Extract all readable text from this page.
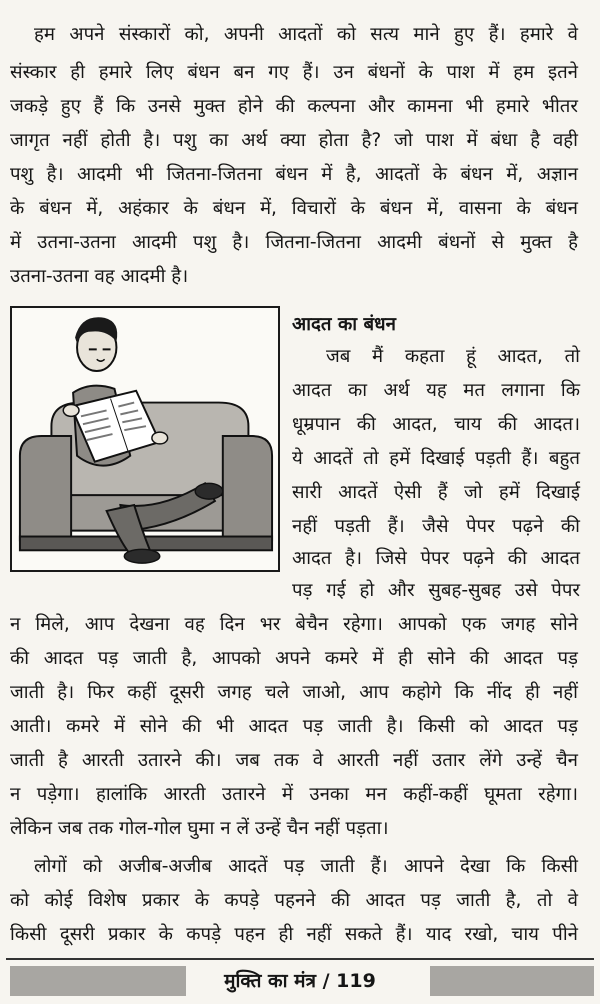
हम अपने संस्कारों को, अपनी आदतों को सत्य माने हुए हैं। हमारे वे
संस्कार ही हमारे लिए बंधन बन गए हैं। उन बंधनों के पाश में हम इतने
जकड़े हुए हैं कि उनसे मुक्त होने की कल्पना और कामना भी हमारे भीतर
जागृत नहीं होती है। पशु का अर्थ क्या होता है? जो पाश में बंधा है वही
पशु है। आदमी भी जितना-जितना बंधन में है, आदतों के बंधन में, अज्ञान
के बंधन में, अहंकार के बंधन में, विचारों के बंधन में, वासना के बंधन
में उतना-उतना आदमी पशु है। जितना-जितना आदमी बंधनों से मुक्त है
उतना-उतना वह आदमी है।
आदत का बंधन
जब मैं कहता हूं आदत, तो
आदत का अर्थ यह मत लगाना कि
धूम्रपान की आदत, चाय की आदत।
ये आदतें तो हमें दिखाई पड़ती हैं। बहुत
सारी आदतें ऐसी हैं जो हमें दिखाई
नहीं पड़ती हैं। जैसे पेपर पढ़ने की
आदत है। जिसे पेपर पढ़ने की आदत
पड़ गई हो और सुबह-सुबह उसे पेपर
न मिले, आप देखना वह दिन भर बेचैन रहेगा। आपको एक जगह सोने
की आदत पड़ जाती है, आपको अपने कमरे में ही सोने की आदत पड़
जाती है। फिर कहीं दूसरी जगह चले जाओ, आप कहोगे कि नींद ही नहीं
आती। कमरे में सोने की भी आदत पड़ जाती है। किसी को आदत पड़
जाती है आरती उतारने की। जब तक वे आरती नहीं उतार लेंगे उन्हें चैन
न पड़ेगा। हालांकि आरती उतारने में उनका मन कहीं-कहीं घूमता रहेगा।
लेकिन जब तक गोल-गोल घुमा न लें उन्हें चैन नहीं पड़ता।
लोगों को अजीब-अजीब आदतें पड़ जाती हैं। आपने देखा कि किसी
को कोई विशेष प्रकार के कपड़े पहनने की आदत पड़ जाती है, तो वे
किसी दूसरी प्रकार के कपड़े पहन ही नहीं सकते हैं। याद रखो, चाय पीने
मुक्ति का मंत्र / 119
